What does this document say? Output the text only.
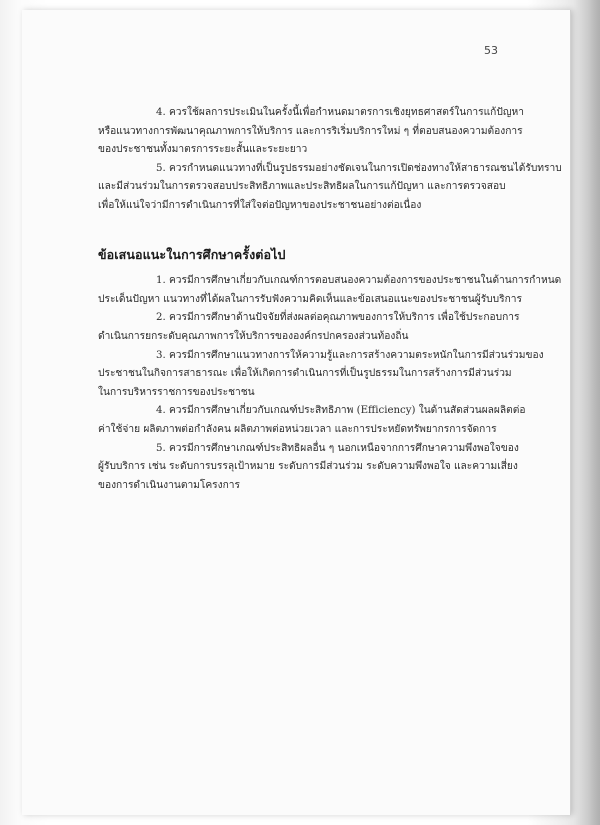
53
4. ควรใช้ผลการประเมินในครั้งนี้เพื่อกำหนดมาตรการเชิงยุทธศาสตร์ในการแก้ปัญหา
หรือแนวทางการพัฒนาคุณภาพการให้บริการ และการริเริ่มบริการใหม่ ๆ ที่ตอบสนองความต้องการ
ของประชาชนทั้งมาตรการระยะสั้นและระยะยาว
5. ควรกำหนดแนวทางที่เป็นรูปธรรมอย่างชัดเจนในการเปิดช่องทางให้สาธารณชนได้รับทราบ
และมีส่วนร่วมในการตรวจสอบประสิทธิภาพและประสิทธิผลในการแก้ปัญหา และการตรวจสอบ
เพื่อให้แน่ใจว่ามีการดำเนินการที่ใส่ใจต่อปัญหาของประชาชนอย่างต่อเนื่อง
ข้อเสนอแนะในการศึกษาครั้งต่อไป
1. ควรมีการศึกษาเกี่ยวกับเกณฑ์การตอบสนองความต้องการของประชาชนในด้านการกำหนด
ประเด็นปัญหา แนวทางที่ได้ผลในการรับฟังความคิดเห็นและข้อเสนอแนะของประชาชนผู้รับบริการ
2. ควรมีการศึกษาด้านปัจจัยที่ส่งผลต่อคุณภาพของการให้บริการ เพื่อใช้ประกอบการ
ดำเนินการยกระดับคุณภาพการให้บริการขององค์กรปกครองส่วนท้องถิ่น
3. ควรมีการศึกษาแนวทางการให้ความรู้และการสร้างความตระหนักในการมีส่วนร่วมของ
ประชาชนในกิจการสาธารณะ เพื่อให้เกิดการดำเนินการที่เป็นรูปธรรมในการสร้างการมีส่วนร่วม
ในการบริหารราชการของประชาชน
4. ควรมีการศึกษาเกี่ยวกับเกณฑ์ประสิทธิภาพ (Efficiency) ในด้านสัดส่วนผลผลิตต่อ
ค่าใช้จ่าย ผลิตภาพต่อกำลังคน ผลิตภาพต่อหน่วยเวลา และการประหยัดทรัพยากรการจัดการ
5. ควรมีการศึกษาเกณฑ์ประสิทธิผลอื่น ๆ นอกเหนือจากการศึกษาความพึงพอใจของ
ผู้รับบริการ เช่น ระดับการบรรลุเป้าหมาย ระดับการมีส่วนร่วม ระดับความพึงพอใจ และความเสี่ยง
ของการดำเนินงานตามโครงการ
